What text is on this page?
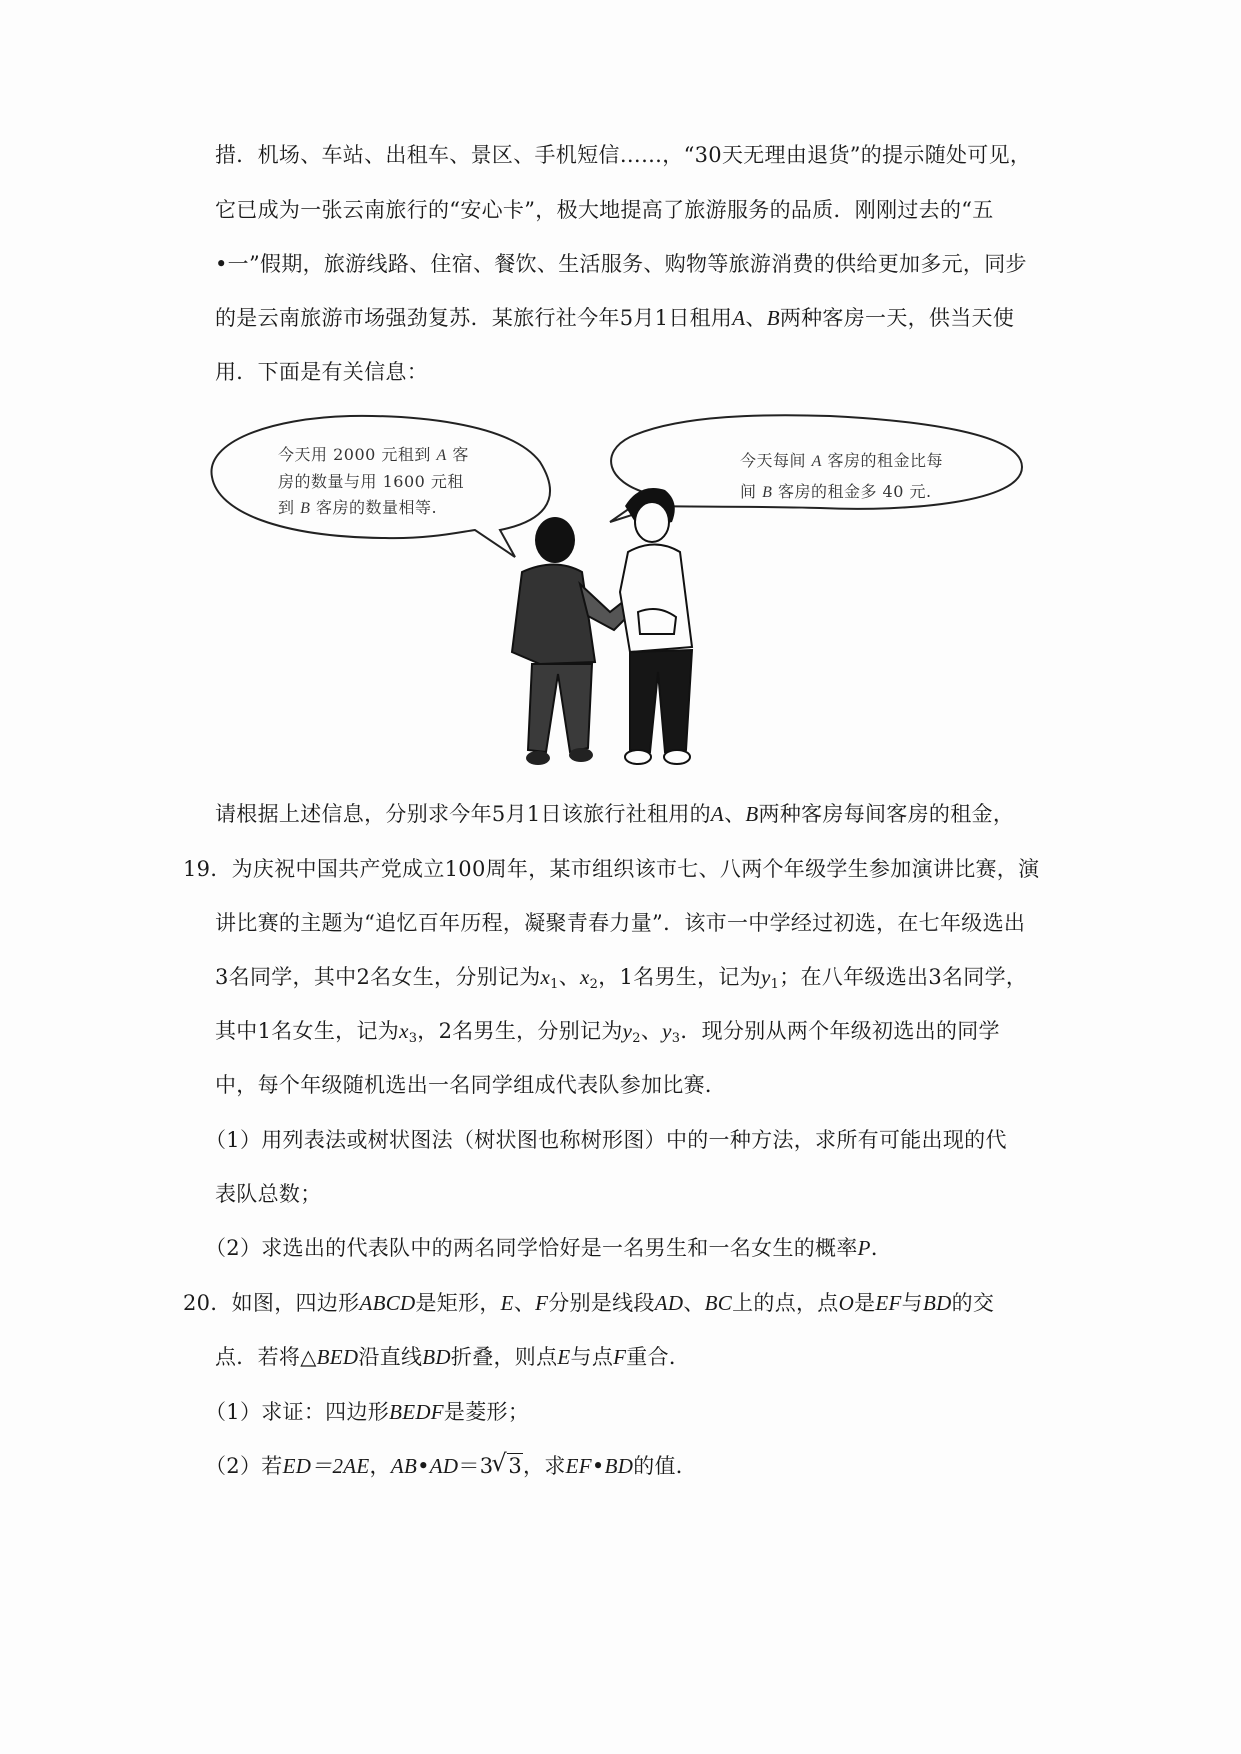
措．机场、车站、出租车、景区、手机短信……，“30天无理由退货”的提示随处可见，
它已成为一张云南旅行的“安心卡”，极大地提高了旅游服务的品质．刚刚过去的“五
•一”假期，旅游线路、住宿、餐饮、生活服务、购物等旅游消费的供给更加多元，同步
的是云南旅游市场强劲复苏．某旅行社今年5月1日租用A、B两种客房一天，供当天使
用．下面是有关信息：
今天用 2000 元租到 A 客
房的数量与用 1600 元租
到 B 客房的数量相等.
今天每间 A 客房的租金比每
间 B 客房的租金多 40 元.
请根据上述信息，分别求今年5月1日该旅行社租用的A、B两种客房每间客房的租金，
19．为庆祝中国共产党成立100周年，某市组织该市七、八两个年级学生参加演讲比赛，演
讲比赛的主题为“追忆百年历程，凝聚青春力量”．该市一中学经过初选，在七年级选出
3名同学，其中2名女生，分别记为$x_1$、$x_2$，1名男生，记为$y_1$；在八年级选出3名同学，
其中1名女生，记为$x_3$，2名男生，分别记为$y_2$、$y_3$．现分别从两个年级初选出的同学
中，每个年级随机选出一名同学组成代表队参加比赛．
（1）用列表法或树状图法（树状图也称树形图）中的一种方法，求所有可能出现的代
表队总数；
（2）求选出的代表队中的两名同学恰好是一名男生和一名女生的概率P．
20．如图，四边形ABCD是矩形，E、F分别是线段AD、BC上的点，点O是EF与BD的交
点．若将△BED沿直线BD折叠，则点E与点F重合．
（1）求证：四边形BEDF是菱形；
（2）若ED＝2AE，AB•AD＝3 √ 3，求EF•BD的值．
